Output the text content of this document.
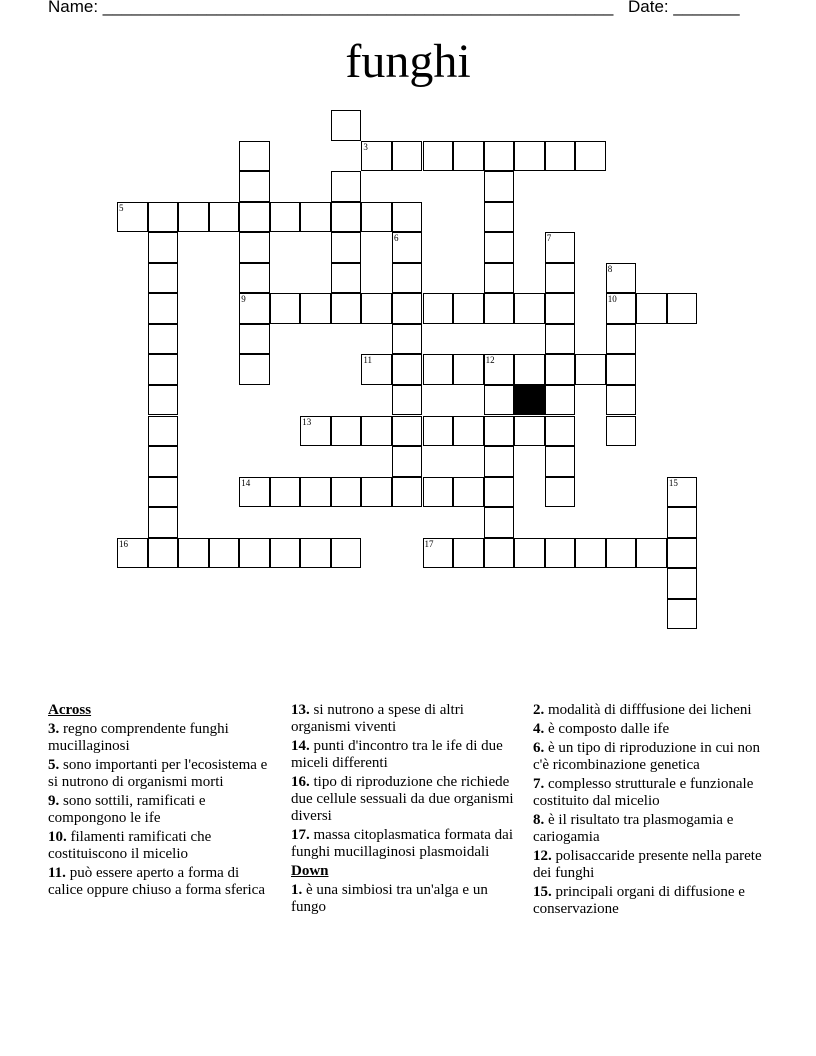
Name: ______________________________________________________ Date: _______
funghi
3
5
6	7
8
9	10
11	12
13
14	15
16	17
Across
3. regno comprendente funghi mucillaginosi
5. sono importanti per l'ecosistema e si nutrono di organismi morti
9. sono sottili, ramificati e compongono le ife
10. filamenti ramificati che costituiscono il micelio
11. può essere aperto a forma di calice oppure chiuso a forma sferica
13. si nutrono a spese di altri organismi viventi
14. punti d'incontro tra le ife di due miceli differenti
16. tipo di riproduzione che richiede due cellule sessuali da due organismi diversi
17. massa citoplasmatica formata dai funghi mucillaginosi plasmoidali
Down
1. è una simbiosi tra un'alga e un fungo
2. modalità di difffusione dei licheni
4. è composto dalle ife
6. è un tipo di riproduzione in cui non c'è ricombinazione genetica
7. complesso strutturale e funzionale costituito dal micelio
8. è il risultato tra plasmogamia e cariogamia
12. polisaccaride presente nella parete dei funghi
15. principali organi di diffusione e conservazione
